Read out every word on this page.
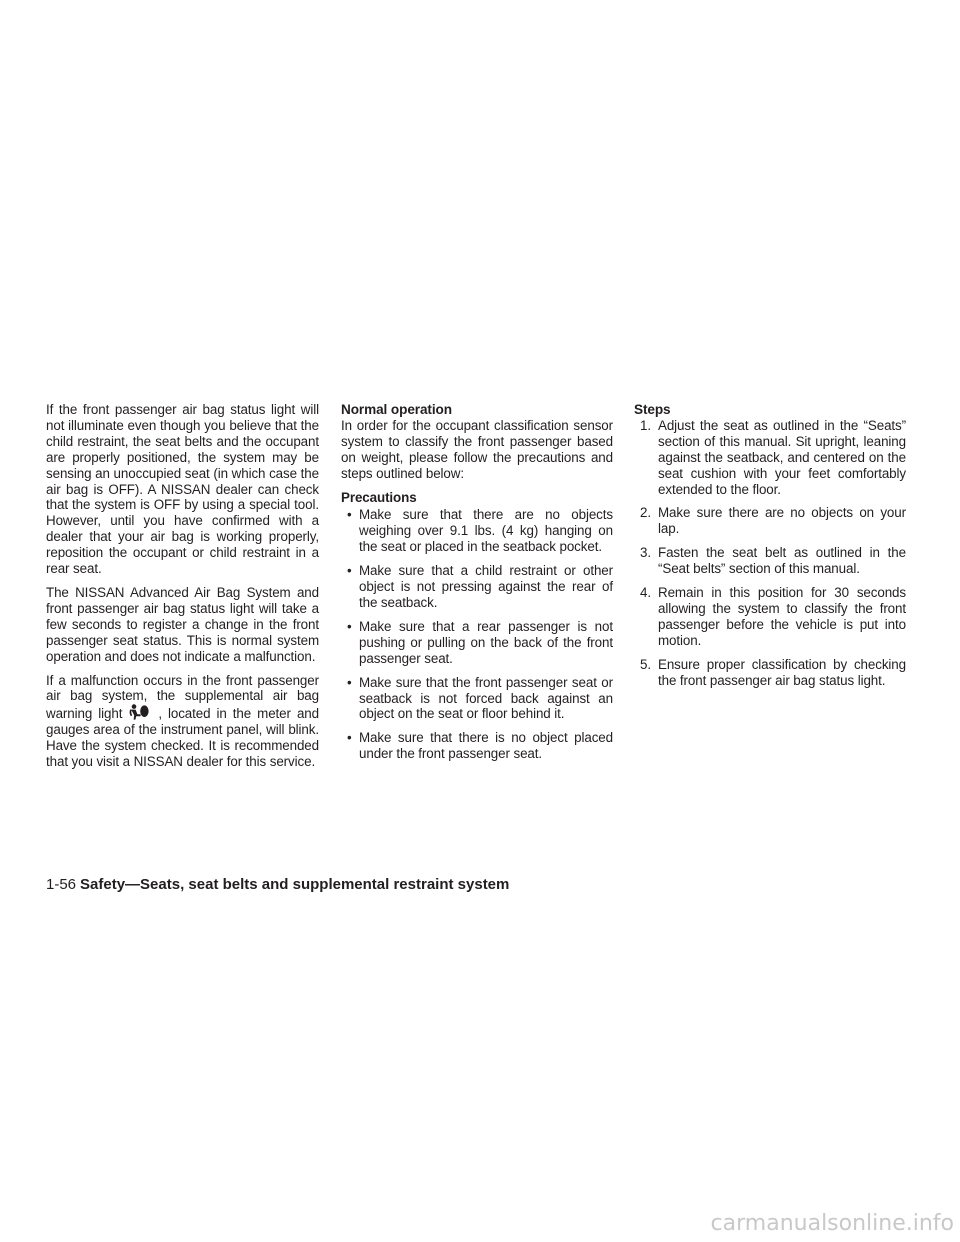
If the front passenger air bag status light will not illuminate even though you believe that the child restraint, the seat belts and the occupant are properly positioned, the system may be sensing an unoccupied seat (in which case the air bag is OFF). A NISSAN dealer can check that the system is OFF by using a special tool. However, until you have confirmed with a dealer that your air bag is working properly, reposition the occupant or child restraint in a rear seat.

The NISSAN Advanced Air Bag System and front passenger air bag status light will take a few seconds to register a change in the front passenger seat status. This is normal system operation and does not indicate a malfunction.

If a malfunction occurs in the front passenger air bag system, the supplemental air bag warning light	, located in the meter and gauges area of the instrument panel, will blink. Have the system checked. It is recommended that you visit a NISSAN dealer for this service.

Normal operation

In order for the occupant classification sensor system to classify the front passenger based on weight, please follow the precautions and steps outlined below:

Precautions
• Make sure that there are no objects weighing over 9.1 lbs. (4 kg) hanging on the seat or placed in the seatback pocket.
• Make sure that a child restraint or other object is not pressing against the rear of the seatback.
• Make sure that a rear passenger is not pushing or pulling on the back of the front passenger seat.
• Make sure that the front passenger seat or seatback is not forced back against an object on the seat or floor behind it.
• Make sure that there is no object placed under the front passenger seat.
Steps
1. Adjust the seat as outlined in the “Seats” section of this manual. Sit upright, leaning against the seatback, and centered on the seat cushion with your feet comfortably extended to the floor.
2. Make sure there are no objects on your lap.
3. Fasten the seat belt as outlined in the “Seat belts” section of this manual.
4. Remain in this position for 30 seconds allowing the system to classify the front passenger before the vehicle is put into motion.
5. Ensure proper classification by checking the front passenger air bag status light.
1-56 Safety—Seats, seat belts and supplemental restraint system
carmanualsonline.info
